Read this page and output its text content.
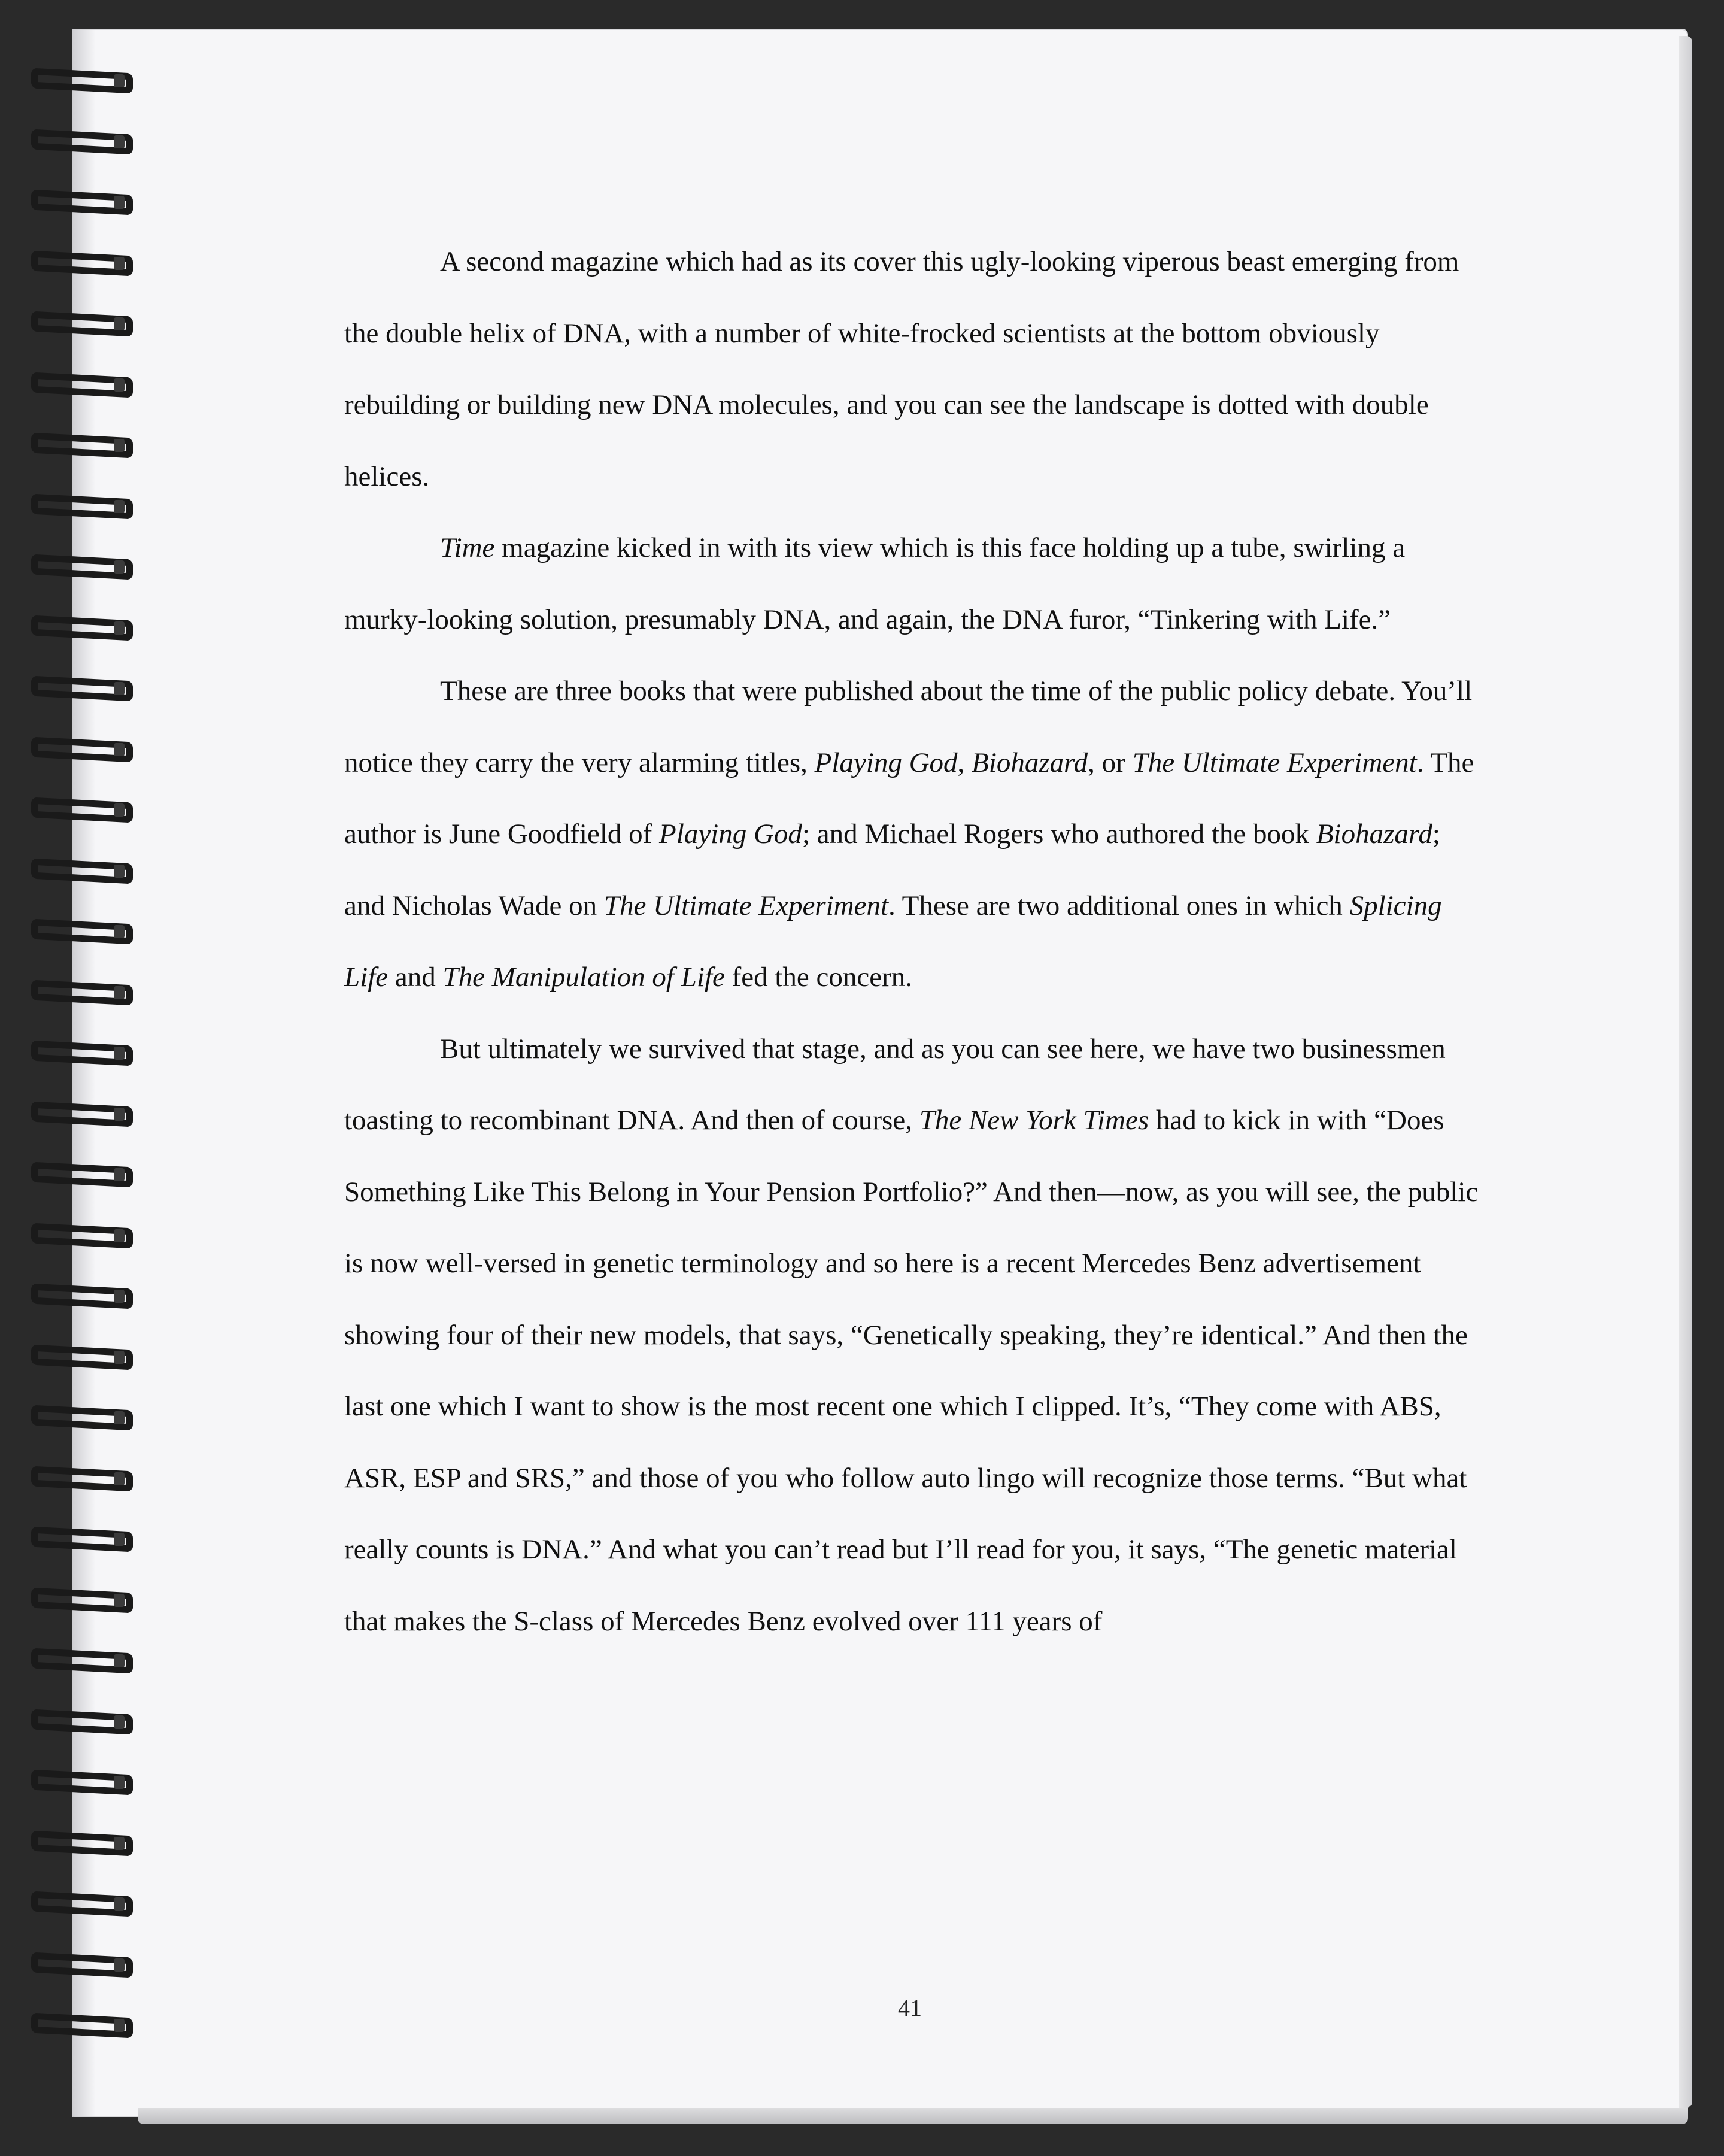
A second magazine which had as its cover this ugly-looking viperous beast emerging from the double helix of DNA, with a number of white-frocked scientists at the bottom obviously rebuilding or building new DNA molecules, and you can see the landscape is dotted with double helices.

Time magazine kicked in with its view which is this face holding up a tube, swirling a murky-looking solution, presumably DNA, and again, the DNA furor, “Tinkering with Life.”

These are three books that were published about the time of the public policy debate. You’ll notice they carry the very alarming titles, Playing God, Biohazard, or The Ultimate Experiment. The author is June Goodfield of Playing God; and Michael Rogers who authored the book Biohazard; and Nicholas Wade on The Ultimate Experiment. These are two additional ones in which Splicing Life and The Manipulation of Life fed the concern.

But ultimately we survived that stage, and as you can see here, we have two businessmen toasting to recombinant DNA. And then of course, The New York Times had to kick in with “Does Something Like This Belong in Your Pension Portfolio?” And then—now, as you will see, the public is now well-versed in genetic terminology and so here is a recent Mercedes Benz advertisement showing four of their new models, that says, “Genetically speaking, they’re identical.” And then the last one which I want to show is the most recent one which I clipped. It’s, “They come with ABS, ASR, ESP and SRS,” and those of you who follow auto lingo will recognize those terms. “But what really counts is DNA.” And what you can’t read but I’ll read for you, it says, “The genetic material that makes the S-class of Mercedes Benz evolved over 111 years of

41
